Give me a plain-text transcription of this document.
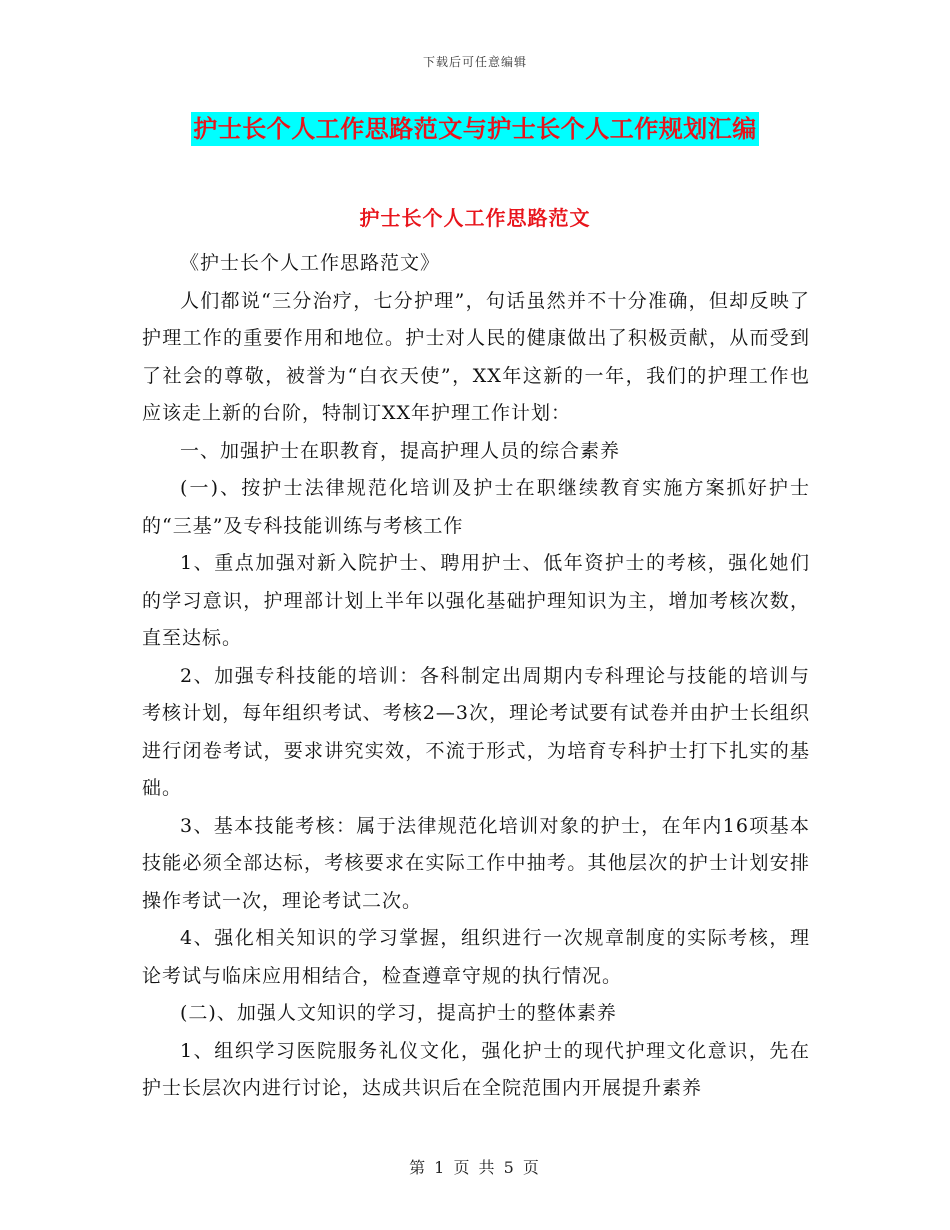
下载后可任意编辑
护士长个人工作思路范文与护士长个人工作规划汇编
护士长个人工作思路范文

《护士长个人工作思路范文》

人们都说“三分治疗，七分护理”，句话虽然并不十分准确，但却反映了护理工作的重要作用和地位。护士对人民的健康做出了积极贡献，从而受到了社会的尊敬，被誉为“白衣天使”，XX年这新的一年，我们的护理工作也应该走上新的台阶，特制订XX年护理工作计划：

一、加强护士在职教育，提高护理人员的综合素养

(一)、按护士法律规范化培训及护士在职继续教育实施方案抓好护士的“三基”及专科技能训练与考核工作

1、重点加强对新入院护士、聘用护士、低年资护士的考核，强化她们的学习意识，护理部计划上半年以强化基础护理知识为主，增加考核次数，直至达标。

2、加强专科技能的培训：各科制定出周期内专科理论与技能的培训与考核计划，每年组织考试、考核2—3次，理论考试要有试卷并由护士长组织进行闭卷考试，要求讲究实效，不流于形式，为培育专科护士打下扎实的基础。

3、基本技能考核：属于法律规范化培训对象的护士，在年内16项基本技能必须全部达标，考核要求在实际工作中抽考。其他层次的护士计划安排操作考试一次，理论考试二次。

4、强化相关知识的学习掌握，组织进行一次规章制度的实际考核，理论考试与临床应用相结合，检查遵章守规的执行情况。

(二)、加强人文知识的学习，提高护士的整体素养

1、组织学习医院服务礼仪文化，强化护士的现代护理文化意识，先在护士长层次内进行讨论，达成共识后在全院范围内开展提升素养

第 1 页 共 5 页
